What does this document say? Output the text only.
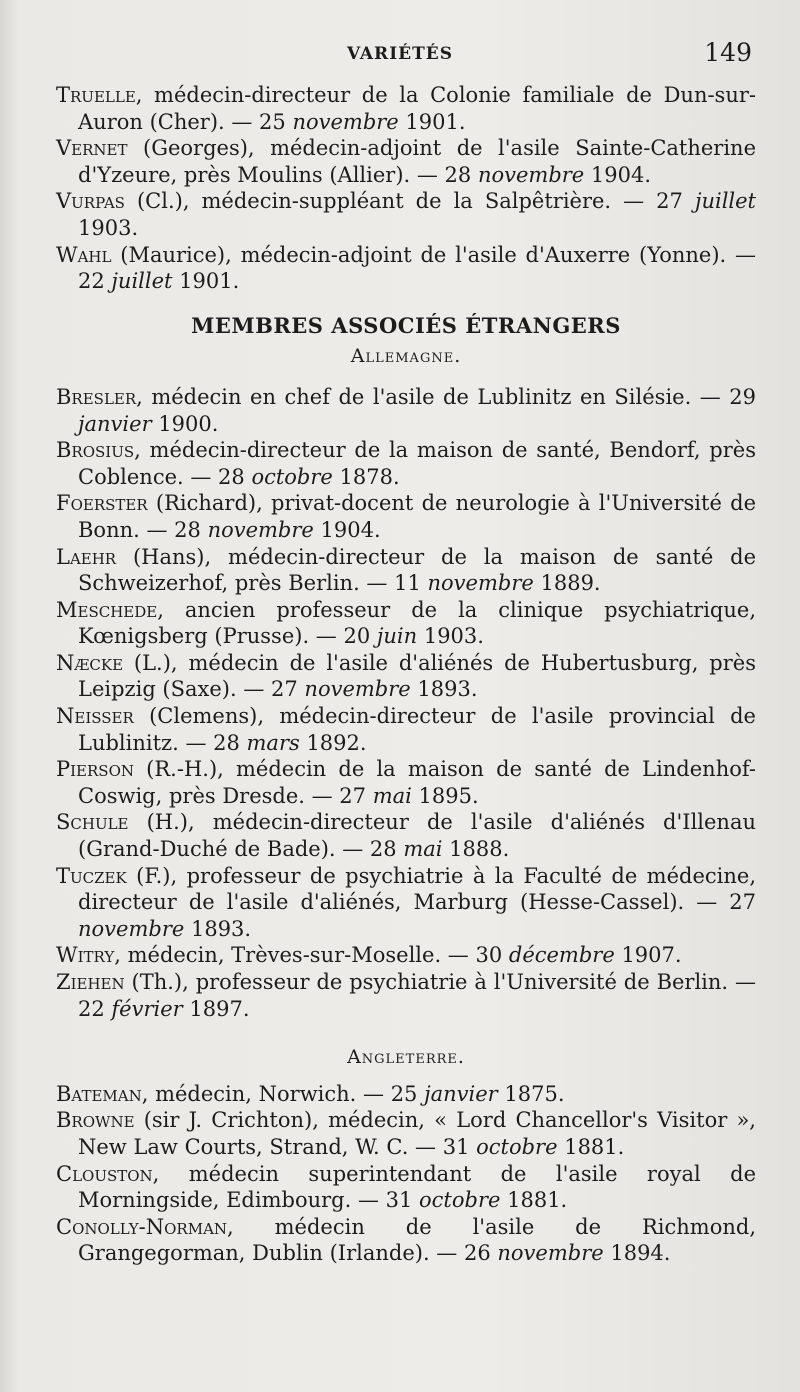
VARIÉTÉS	149

Truelle, médecin-directeur de la Colonie familiale de Dun-sur-Auron (Cher). — 25 novembre 1901.

Vernet (Georges), médecin-adjoint de l'asile Sainte-Catherine d'Yzeure, près Moulins (Allier). — 28 novembre 1904.

Vurpas (Cl.), médecin-suppléant de la Salpêtrière. — 27 juillet 1903.

Wahl (Maurice), médecin-adjoint de l'asile d'Auxerre (Yonne). — 22 juillet 1901.

MEMBRES ASSOCIÉS ÉTRANGERS
Allemagne.

Bresler, médecin en chef de l'asile de Lublinitz en Silésie. — 29 janvier 1900.

Brosius, médecin-directeur de la maison de santé, Bendorf, près Coblence. — 28 octobre 1878.

Foerster (Richard), privat-docent de neurologie à l'Université de Bonn. — 28 novembre 1904.

Laehr (Hans), médecin-directeur de la maison de santé de Schweizerhof, près Berlin. — 11 novembre 1889.

Meschede, ancien professeur de la clinique psychiatrique, Kœnigsberg (Prusse). — 20 juin 1903.

Næcke (L.), médecin de l'asile d'aliénés de Hubertusburg, près Leipzig (Saxe). — 27 novembre 1893.

Neisser (Clemens), médecin-directeur de l'asile provincial de Lublinitz. — 28 mars 1892.

Pierson (R.-H.), médecin de la maison de santé de Lindenhof-Coswig, près Dresde. — 27 mai 1895.

Schule (H.), médecin-directeur de l'asile d'aliénés d'Illenau (Grand-Duché de Bade). — 28 mai 1888.

Tuczek (F.), professeur de psychiatrie à la Faculté de médecine, directeur de l'asile d'aliénés, Marburg (Hesse-Cassel). — 27 novembre 1893.

Witry, médecin, Trèves-sur-Moselle. — 30 décembre 1907.

Ziehen (Th.), professeur de psychiatrie à l'Université de Berlin. — 22 février 1897.

Angleterre.

Bateman, médecin, Norwich. — 25 janvier 1875.

Browne (sir J. Crichton), médecin, « Lord Chancellor's Visitor », New Law Courts, Strand, W. C. — 31 octobre 1881.

Clouston, médecin superintendant de l'asile royal de Morningside, Edimbourg. — 31 octobre 1881.

Conolly-Norman, médecin de l'asile de Richmond, Grangegorman, Dublin (Irlande). — 26 novembre 1894.
